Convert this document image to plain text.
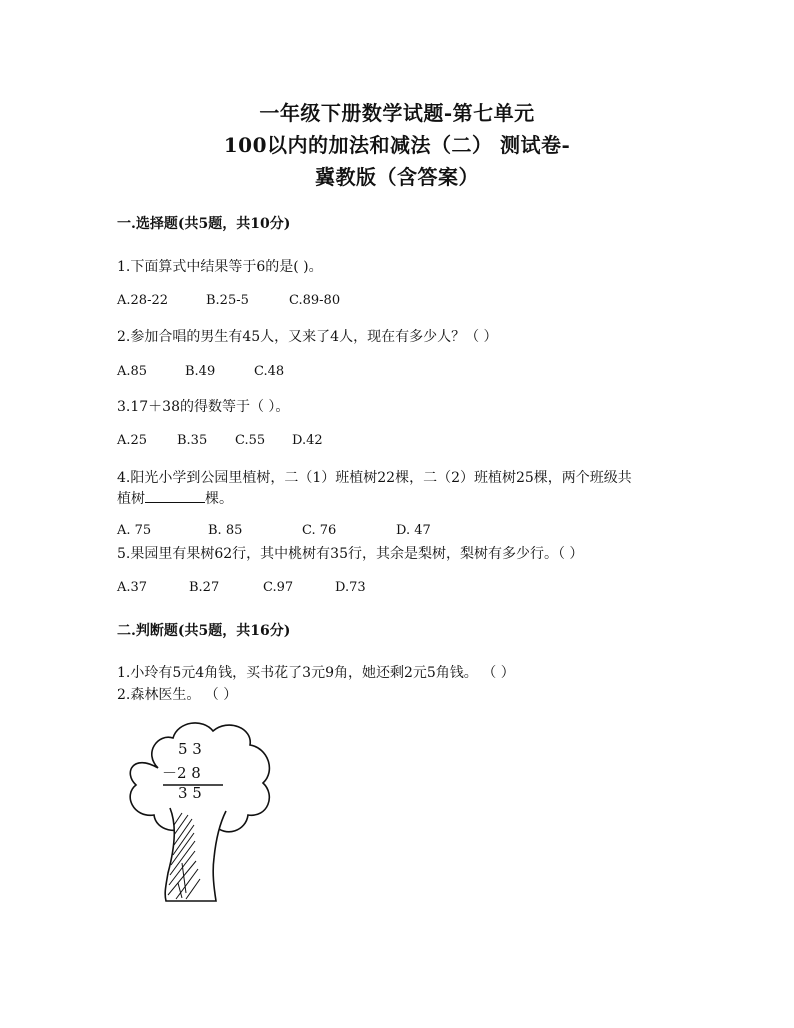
一年级下册数学试题-第七单元
100以内的加法和减法（二） 测试卷-
冀教版（含答案）
一.选择题(共5题，共10分)
1.下面算式中结果等于6的是( )。
A.28-22	B.25-5	C.89-80
2.参加合唱的男生有45人，又来了4人，现在有多少人？（ ）
A.85	B.49	C.48
3.17＋38的得数等于（ ）。
A.25 B.35 C.55 D.42
4.阳光小学到公园里植树，二（1）班植树22棵，二（2）班植树25棵，两个班级共
植树	棵。
A. 75	B. 85	C. 76	D. 47
5.果园里有果树62行，其中桃树有35行，其余是梨树，梨树有多少行。（ ）
A.37	B.27	C.97	D.73
二.判断题(共5题，共16分)
1.小玲有5元4角钱，买书花了3元9角，她还剩2元5角钱。 （ ）
2.森林医生。 （ ）
5 3
－2 8
3 5
